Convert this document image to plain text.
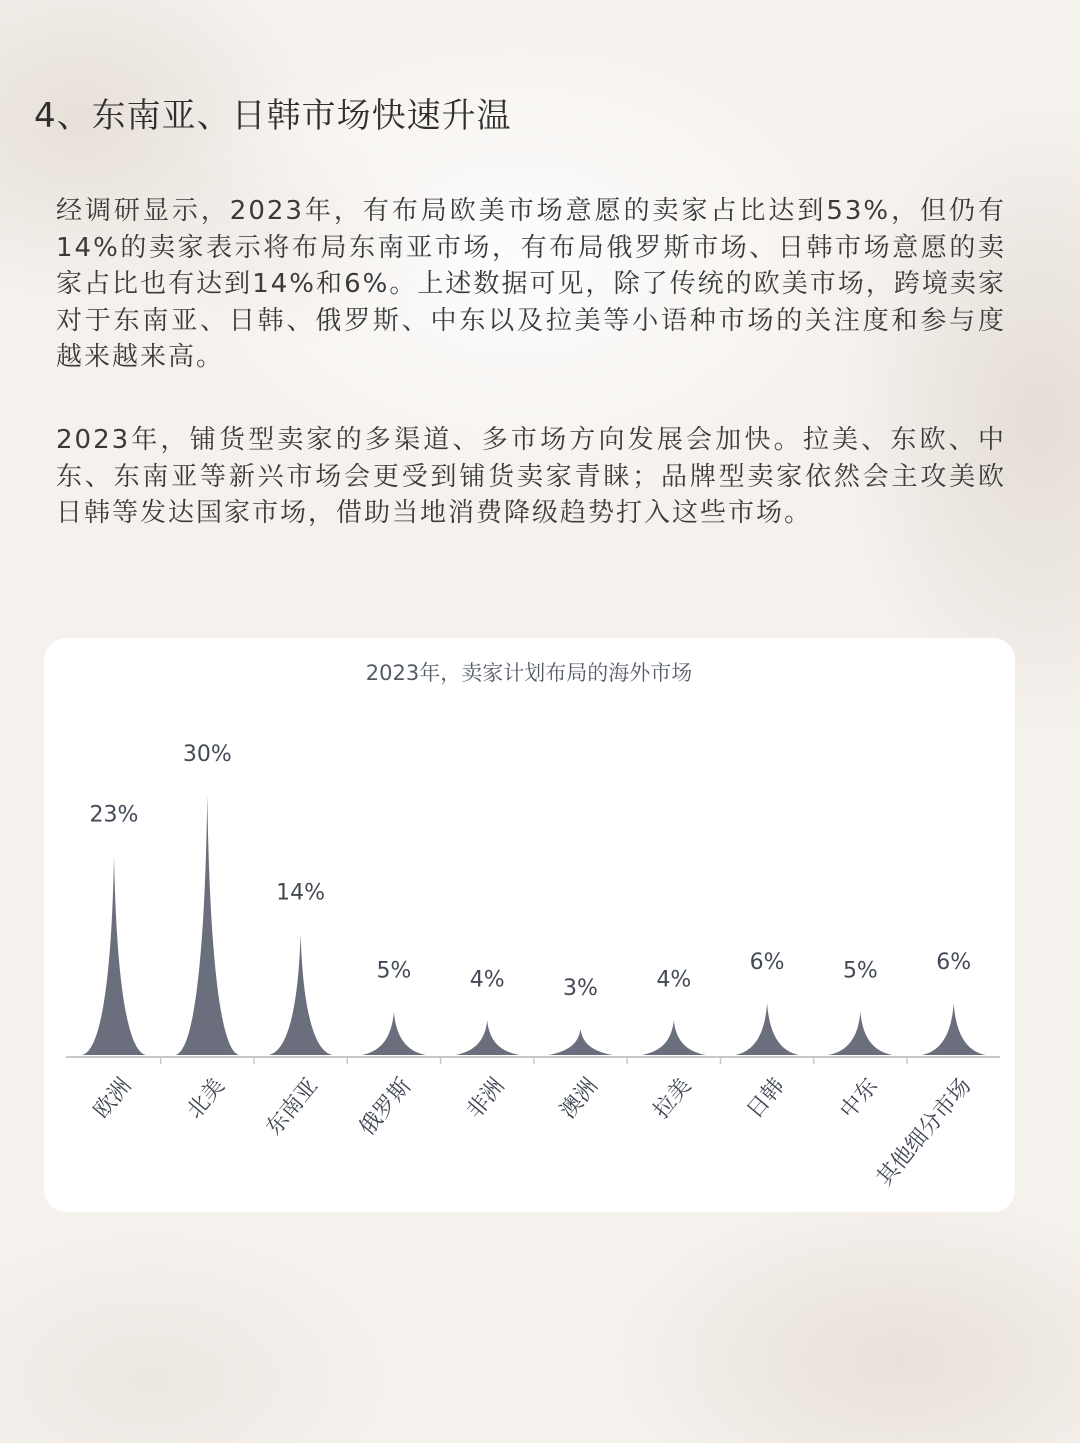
4、东南亚、日韩市场快速升温

经调研显示，2023年，有布局欧美市场意愿的卖家占比达到53%，但仍有14%的卖家表示将布局东南亚市场，有布局俄罗斯市场、日韩市场意愿的卖家占比也有达到14%和6%。上述数据可见，除了传统的欧美市场，跨境卖家对于东南亚、日韩、俄罗斯、中东以及拉美等小语种市场的关注度和参与度越来越来高。

2023年，铺货型卖家的多渠道、多市场方向发展会加快。拉美、东欧、中东、东南亚等新兴市场会更受到铺货卖家青睐；品牌型卖家依然会主攻美欧日韩等发达国家市场，借助当地消费降级趋势打入这些市场。

2023年，卖家计划布局的海外市场
23%
欧洲
30%
北美
14%
东南亚
5%
俄罗斯
4%
非洲
3%
澳洲
4%
拉美
6%
日韩
5%
中东
6%
其他细分市场
